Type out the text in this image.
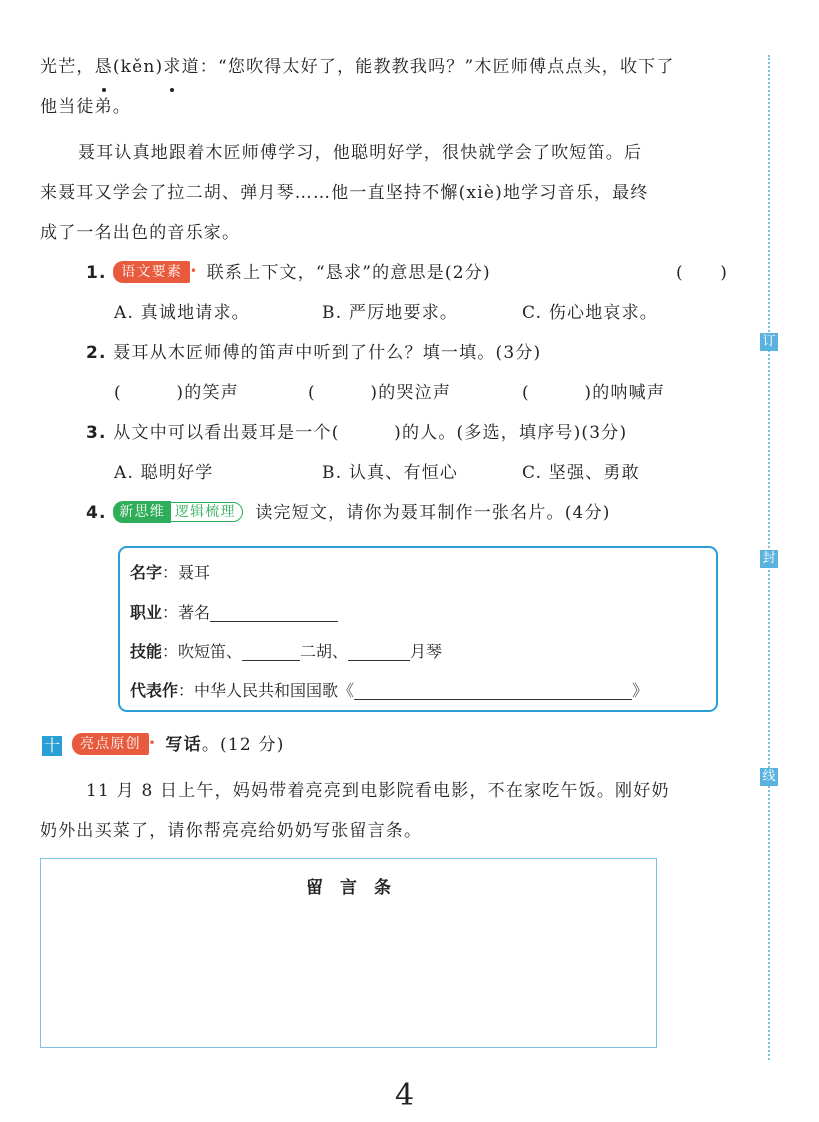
光芒，恳(kěn)求道：“您吹得太好了，能教教我吗？”木匠师傅点点头，收下了
他当徒弟。
聂耳认真地跟着木匠师傅学习，他聪明好学，很快就学会了吹短笛。后
来聂耳又学会了拉二胡、弹月琴……他一直坚持不懈(xiè)地学习音乐，最终
成了一名出色的音乐家。
1. 语文要素 • 联系上下文，“恳求”的意思是(2分)	(　　)
A. 真诚地请求。	B. 严厉地要求。	C. 伤心地哀求。
2. 聂耳从木匠师傅的笛声中听到了什么？填一填。(3分)
(　　　)的笑声	(　　　)的哭泣声	(　　　)的呐喊声
3. 从文中可以看出聂耳是一个(　　　)的人。(多选，填序号)(3分)
A. 聪明好学	B. 认真、有恒心	C. 坚强、勇敢
4. 新思维 逻辑梳理 读完短文，请你为聂耳制作一张名片。(4分)
名字：聂耳
职业：著名
技能：吹短笛、	二胡、	月琴
代表作：中华人民共和国国歌《	》
十	亮点原创 • 写话。(12 分)
11 月 8 日上午，妈妈带着亮亮到电影院看电影，不在家吃午饭。刚好奶
奶外出买菜了，请你帮亮亮给奶奶写张留言条。
留　言　条
订
封
线
4
